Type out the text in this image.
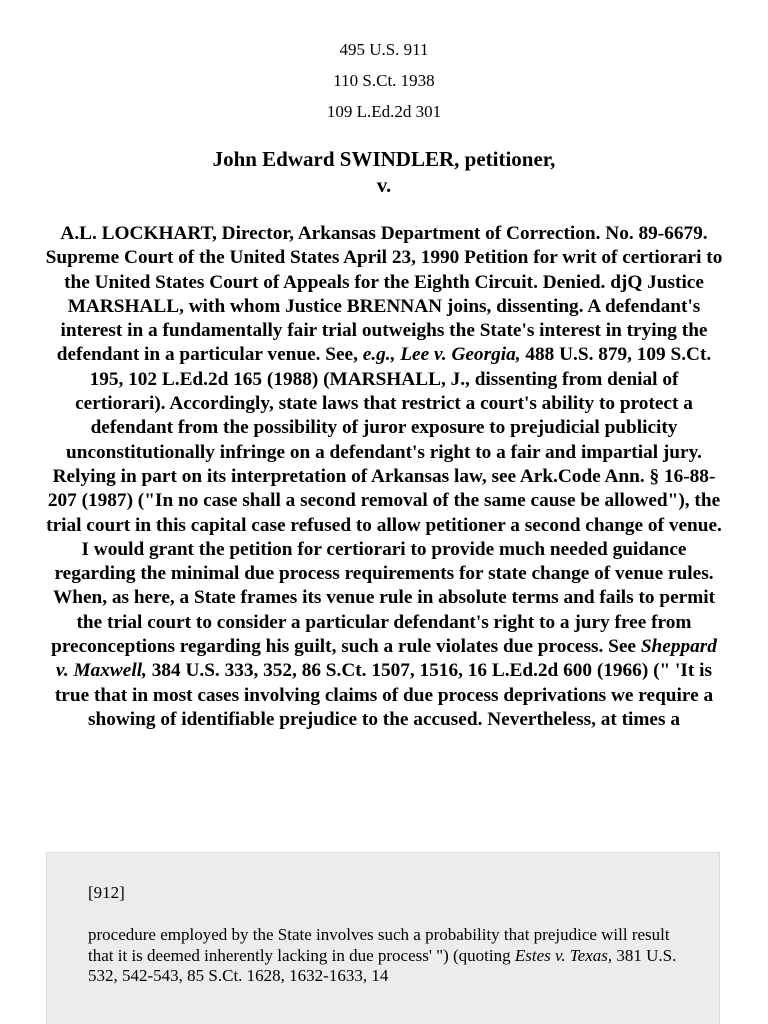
495 U.S. 911
110 S.Ct. 1938
109 L.Ed.2d 301
John Edward SWINDLER, petitioner,
v.
A.L. LOCKHART, Director, Arkansas Department of Correction. No. 89-6679. Supreme Court of the United States April 23, 1990 Petition for writ of certiorari to the United States Court of Appeals for the Eighth Circuit. Denied. djQ Justice MARSHALL, with whom Justice BRENNAN joins, dissenting. A defendant's interest in a fundamentally fair trial outweighs the State's interest in trying the defendant in a particular venue. See, e.g., Lee v. Georgia, 488 U.S. 879, 109 S.Ct. 195, 102 L.Ed.2d 165 (1988) (MARSHALL, J., dissenting from denial of certiorari). Accordingly, state laws that restrict a court's ability to protect a defendant from the possibility of juror exposure to prejudicial publicity unconstitutionally infringe on a defendant's right to a fair and impartial jury. Relying in part on its interpretation of Arkansas law, see Ark.Code Ann. § 16-88-207 (1987) ("In no case shall a second removal of the same cause be allowed"), the trial court in this capital case refused to allow petitioner a second change of venue. I would grant the petition for certiorari to provide much needed guidance regarding the minimal due process requirements for state change of venue rules. When, as here, a State frames its venue rule in absolute terms and fails to permit the trial court to consider a particular defendant's right to a jury free from preconceptions regarding his guilt, such a rule violates due process. See Sheppard v. Maxwell, 384 U.S. 333, 352, 86 S.Ct. 1507, 1516, 16 L.Ed.2d 600 (1966) (" 'It is true that in most cases involving claims of due process deprivations we require a showing of identifiable prejudice to the accused. Nevertheless, at times a
[912]
procedure employed by the State involves such a probability that prejudice will result that it is deemed inherently lacking in due process' ") (quoting Estes v. Texas, 381 U.S. 532, 542-543, 85 S.Ct. 1628, 1632-1633, 14
